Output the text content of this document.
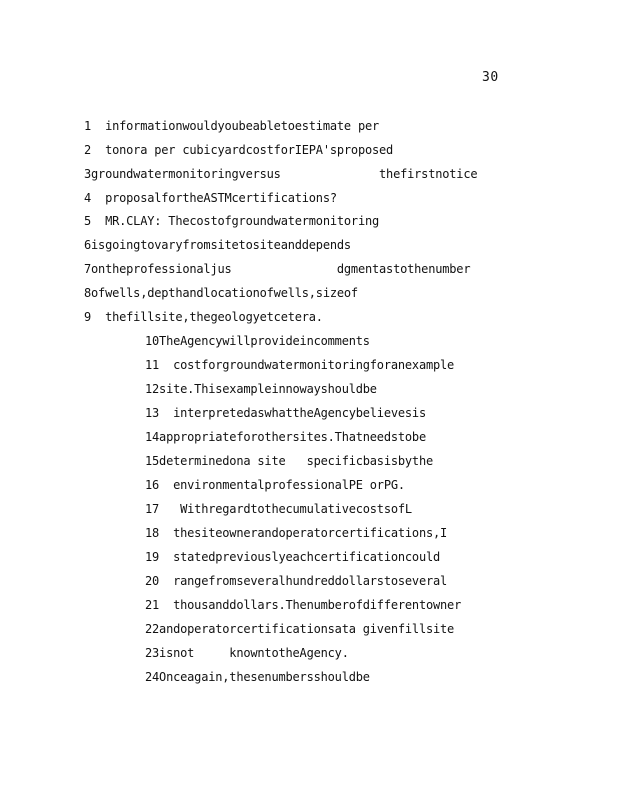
30
1  informationwouldyoubeabletoestimate per
2  tonora per cubicyardcostforIEPA'sproposed
3groundwatermonitoringversus              thefirstnotice
4  proposalfortheASTMcertifications?
5  MR.CLAY: Thecostofgroundwatermonitoring
6isgoingtovaryfromsitetositeanddepends
7ontheprofessionaljus               dgmentastothenumber
8ofwells,depthandlocationofwells,sizeof
9  thefillsite,thegeologyetcetera.
10TheAgencywillprovideincomments
11  costforgroundwatermonitoringforanexample
12site.Thisexampleinnowayshouldbe
13  interpretedaswhattheAgencybelievesis
14appropriateforothersites.Thatneedstobe
15determinedona site   specificbasisbythe
16  environmentalprofessionalPE orPG.
17   WithregardtothecumulativecostsofL
18  thesiteownerandoperatorcertifications,I
19  statedpreviouslyeachcertificationcould
20  rangefromseveralhundreddollarstoseveral
21  thousanddollars.Thenumberofdifferentowner
22andoperatorcertificationsata givenfillsite
23isnot     knowntotheAgency.
24Onceagain,thesenumbersshouldbe
